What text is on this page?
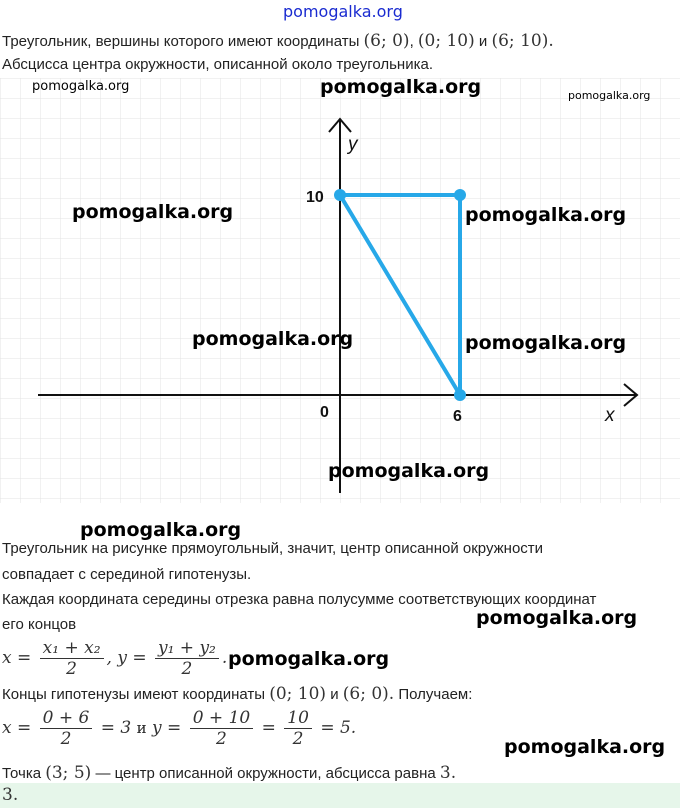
pomogalka.org
Треугольник, вершины которого имеют координаты (6; 0), (0; 10) и (6; 10).
Абсцисса центра окружности, описанной около треугольника.
y
x
0
10
6
pomogalka.org	pomogalka.org	pomogalka.org
pomogalka.org	pomogalka.org
pomogalka.org	pomogalka.org
pomogalka.org
pomogalka.org
Треугольник на рисунке прямоугольный, значит, центр описанной окружности
совпадает с серединой гипотенузы.
Каждая координата середины отрезка равна полусумме соответствующих координат
его концов	pomogalka.org
$x = \frac{\text{x₁ + x₂}}{2}$ , $y = \frac{\text{y₁ + y₂}}{2}$ . pomogalka.org
Концы гипотенузы имеют координаты (0; 10) и (6; 0). Получаем:
$x = \frac{0 + 6}{2} = 3$ и $y = \frac{0 + 10}{2} = \frac{10}{2} = 5$.
pomogalka.org
Точка (3; 5) — центр описанной окружности, абсцисса равна 3.
3.
